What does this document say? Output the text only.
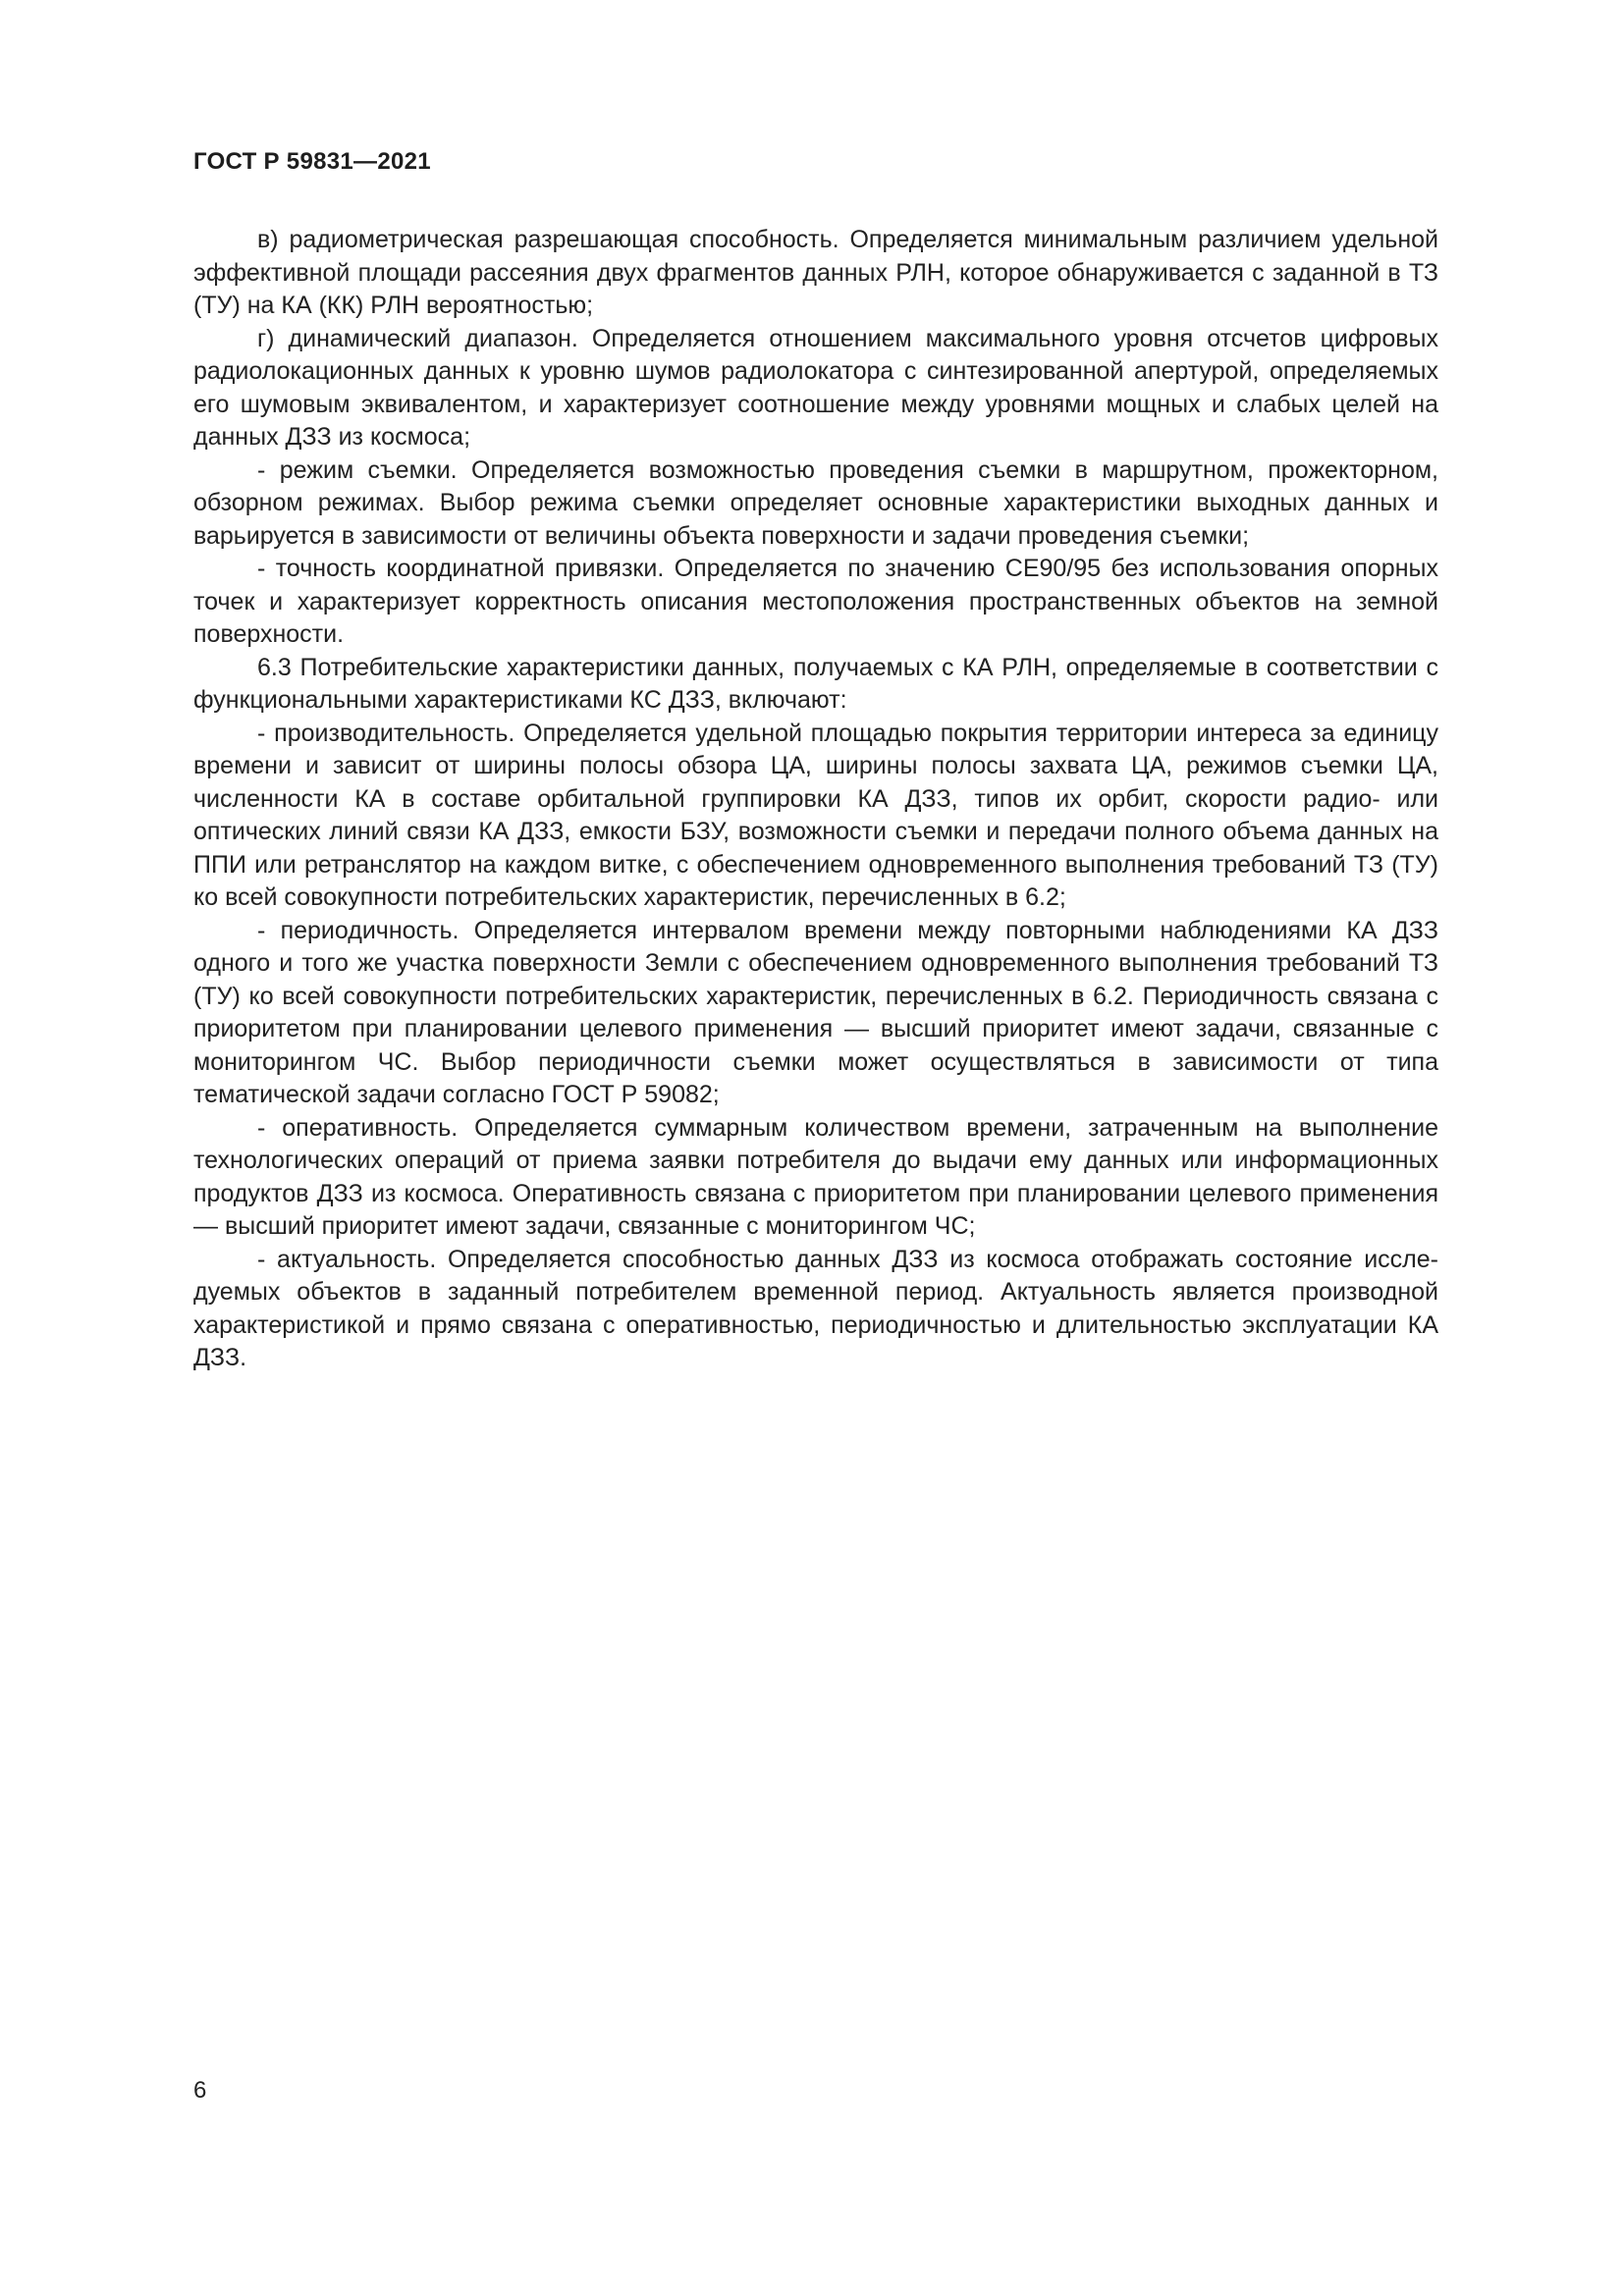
ГОСТ Р 59831—2021

в) радиометрическая разрешающая способность. Определяется минимальным различием удельной эффективной площади рассеяния двух фрагментов данных РЛН, которое обнаруживается с заданной в ТЗ (ТУ) на КА (КК) РЛН вероятностью;

г) динамический диапазон. Определяется отношением максимального уровня отсчетов цифровых радиолокационных данных к уровню шумов радиолокатора с синтезированной апертурой, определяемых его шумовым эквивалентом, и характеризует соотношение между уровнями мощных и слабых целей на данных ДЗЗ из космоса;

- режим съемки. Определяется возможностью проведения съемки в маршрутном, прожекторном, обзорном режимах. Выбор режима съемки определяет основные характеристики выходных данных и варьируется в зависимости от величины объекта поверхности и задачи проведения съемки;

- точность координатной привязки. Определяется по значению СЕ90/95 без использования опорных точек и характеризует корректность описания местоположения пространственных объектов на земной поверхности.

6.3 Потребительские характеристики данных, получаемых с КА РЛН, определяемые в соответствии с функциональными характеристиками КС ДЗЗ, включают:

- производительность. Определяется удельной площадью покрытия территории интереса за единицу времени и зависит от ширины полосы обзора ЦА, ширины полосы захвата ЦА, режимов съемки ЦА, численности КА в составе орбитальной группировки КА ДЗЗ, типов их орбит, скорости радио- или оптических линий связи КА ДЗЗ, емкости БЗУ, возможности съемки и передачи полного объема данных на ППИ или ретранслятор на каждом витке, с обеспечением одновременного выполнения требований ТЗ (ТУ) ко всей совокупности потребительских характеристик, перечисленных в 6.2;

- периодичность. Определяется интервалом времени между повторными наблюдениями КА ДЗЗ одного и того же участка поверхности Земли с обеспечением одновременного выполнения требований ТЗ (ТУ) ко всей совокупности потребительских характеристик, перечисленных в 6.2. Периодичность связана с приоритетом при планировании целевого применения — высший приоритет имеют задачи, связанные с мониторингом ЧС. Выбор периодичности съемки может осуществляться в зависимости от типа тематической задачи согласно ГОСТ Р 59082;

- оперативность. Определяется суммарным количеством времени, затраченным на выполнение технологических операций от приема заявки потребителя до выдачи ему данных или информационных продуктов ДЗЗ из космоса. Оперативность связана с приоритетом при планировании целевого применения — высший приоритет имеют задачи, связанные с мониторингом ЧС;

- актуальность. Определяется способностью данных ДЗЗ из космоса отображать состояние исследуемых объектов в заданный потребителем временной период. Актуальность является производной характеристикой и прямо связана с оперативностью, периодичностью и длительностью эксплуатации КА ДЗЗ.

6
